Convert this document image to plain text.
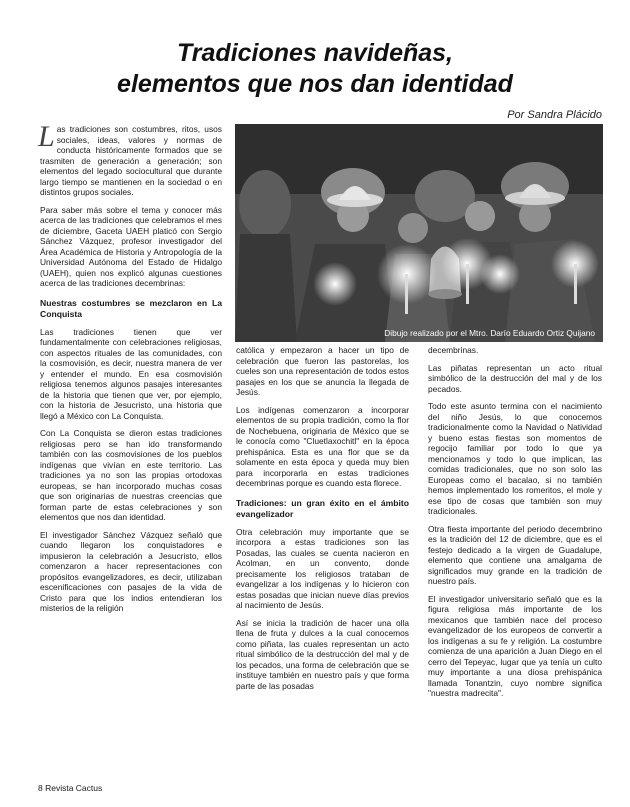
Tradiciones navideñas,
elementos que nos dan identidad

Por Sandra Plácido

Dibujo realizado por el Mtro. Darío Eduardo Ortiz Quijano

Las tradiciones son costumbres, ritos, usos sociales, ideas, valores y normas de conducta históricamente formados que se trasmiten de generación a generación; son elementos del legado sociocultural que durante largo tiempo se mantienen en la sociedad o en distintos grupos sociales.

Para saber más sobre el tema y conocer más acerca de las tradiciones que celebramos el mes de diciembre, Gaceta UAEH platicó con Sergio Sánchez Vázquez, profesor investigador del Área Académica de Historia y Antropología de la Universidad Autónoma del Estado de Hidalgo (UAEH), quien nos explicó algunas cuestiones acerca de las tradiciones decembrinas:

Nuestras costumbres se mezclaron en La Conquista

Las tradiciones tienen que ver fundamentalmente con celebraciones religiosas, con aspectos rituales de las comunidades, con la cosmovisión, es decir, nuestra manera de ver y entender el mundo. En esa cosmovisión religiosa tenemos algunos pasajes interesantes de la historia que tienen que ver, por ejemplo, con la historia de Jesucristo, una historia que llegó a México con La Conquista.

Con La Conquista se dieron estas tradiciones religiosas pero se han ido transformando también con las cosmovisiones de los pueblos indígenas que vivían en este territorio. Las tradiciones ya no son las propias ortodoxas europeas, se han incorporado muchas cosas que son originarias de nuestras creencias que forman parte de estas celebraciones y son elementos que nos dan identidad.

El investigador Sánchez Vázquez señaló que cuando llegaron los conquistadores e impusieron la celebración a Jesucristo, ellos comenzaron a hacer representaciones con propósitos evangelizadores, es decir, utilizaban escenificaciones con pasajes de la vida de Cristo para que los indios entendieran los misterios de la religión

católica y empezaron a hacer un tipo de celebración que fueron las pastorelas, los cueles son una representación de todos estos pasajes en los que se anuncia la llegada de Jesús.

Los indígenas comenzaron a incorporar elementos de su propia tradición, como la flor de Nochebuena, originaria de México que se le conocía como "Cluetlaxochitl" en la época prehispánica. Esta es una flor que se da solamente en esta época y queda muy bien para incorporarla en estas tradiciones decembrinas porque es cuando esta florece.

Tradiciones: un gran éxito en el ámbito evangelizador

Otra celebración muy importante que se incorpora a estas tradiciones son las Posadas, las cuales se cuenta nacieron en Acolman, en un convento, donde precisamente los religiosos trataban de evangelizar a los indígenas y lo hicieron con estas posadas que inician nueve días previos al nacimiento de Jesús.

Así se inicia la tradición de hacer una olla llena de fruta y dulces a la cual conocemos como piñata, las cuales representan un acto ritual simbólico de la destrucción del mal y de los pecados, una forma de celebración que se instituye también en nuestro país y que forma parte de las posadas

decembrinas.

Las piñatas representan un acto ritual simbólico de la destrucción del mal y de los pecados.

Todo este asunto termina con el nacimiento del niño Jesús, lo que conocemos tradicionalmente como la Navidad o Natividad y bueno estas fiestas son momentos de regocijo familiar por todo lo que ya mencionamos y todo lo que implican, las comidas tradicionales, que no son solo las Europeas como el bacalao, si no también hemos implementado los romeritos, el mole y ese tipo de cosas que también son muy tradicionales.

Otra fiesta importante del periodo decembrino es la tradición del 12 de diciembre, que es el festejo dedicado a la virgen de Guadalupe, elemento que contiene una amalgama de significados muy grande en la tradición de nuestro país.

El investigador universitario señaló que es la figura religiosa más importante de los mexicanos que también nace del proceso evangelizador de los europeos de convertir a los indígenas a su fe y religión. La costumbre comienza de una aparición a Juan Diego en el cerro del Tepeyac, lugar que ya tenía un culto muy importante a una diosa prehispánica llamada Tonantzin, cuyo nombre significa "nuestra madrecita".

8 Revista Cactus
